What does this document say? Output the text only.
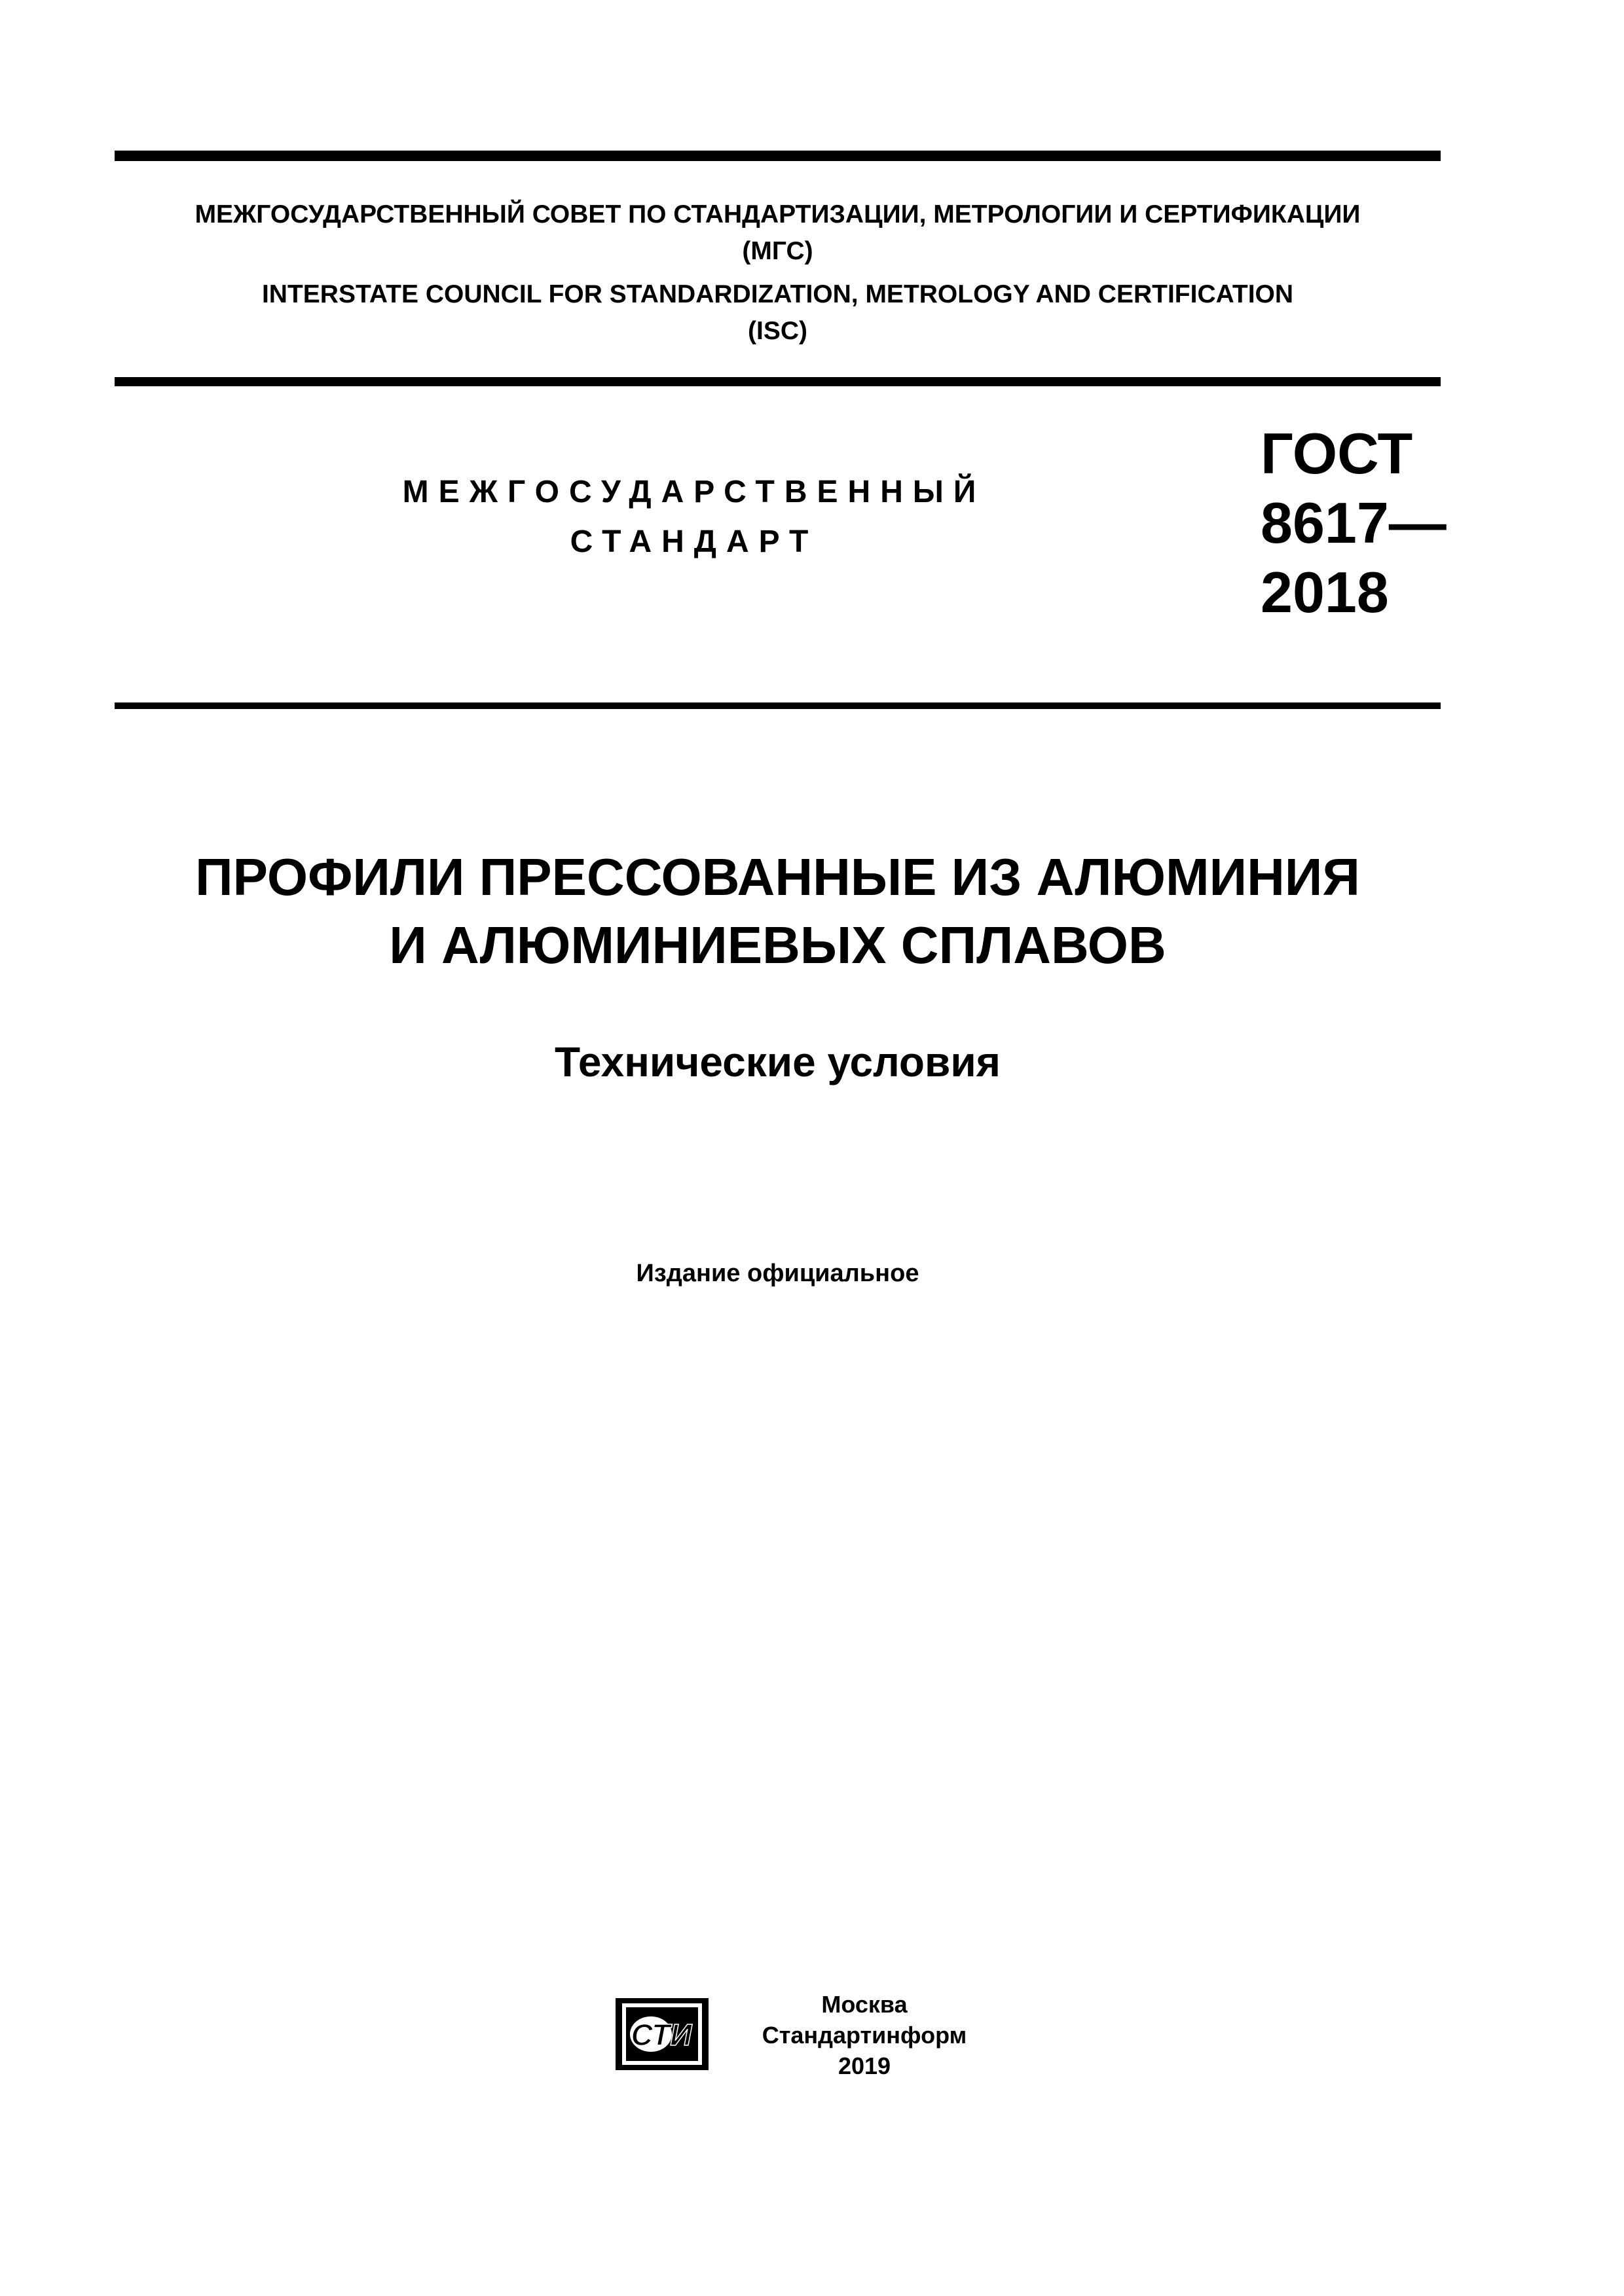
МЕЖГОСУДАРСТВЕННЫЙ СОВЕТ ПО СТАНДАРТИЗАЦИИ, МЕТРОЛОГИИ И СЕРТИФИКАЦИИ
(МГС)
INTERSTATE COUNCIL FOR STANDARDIZATION, METROLOGY AND CERTIFICATION
(ISC)
МЕЖГОСУДАРСТВЕННЫЙ
СТАНДАРТ
ГОСТ
8617—
2018
ПРОФИЛИ ПРЕССОВАННЫЕ ИЗ АЛЮМИНИЯ
И АЛЮМИНИЕВЫХ СПЛАВОВ
Технические условия
Издание официальное
СТИ
Москва
Стандартинформ
2019
